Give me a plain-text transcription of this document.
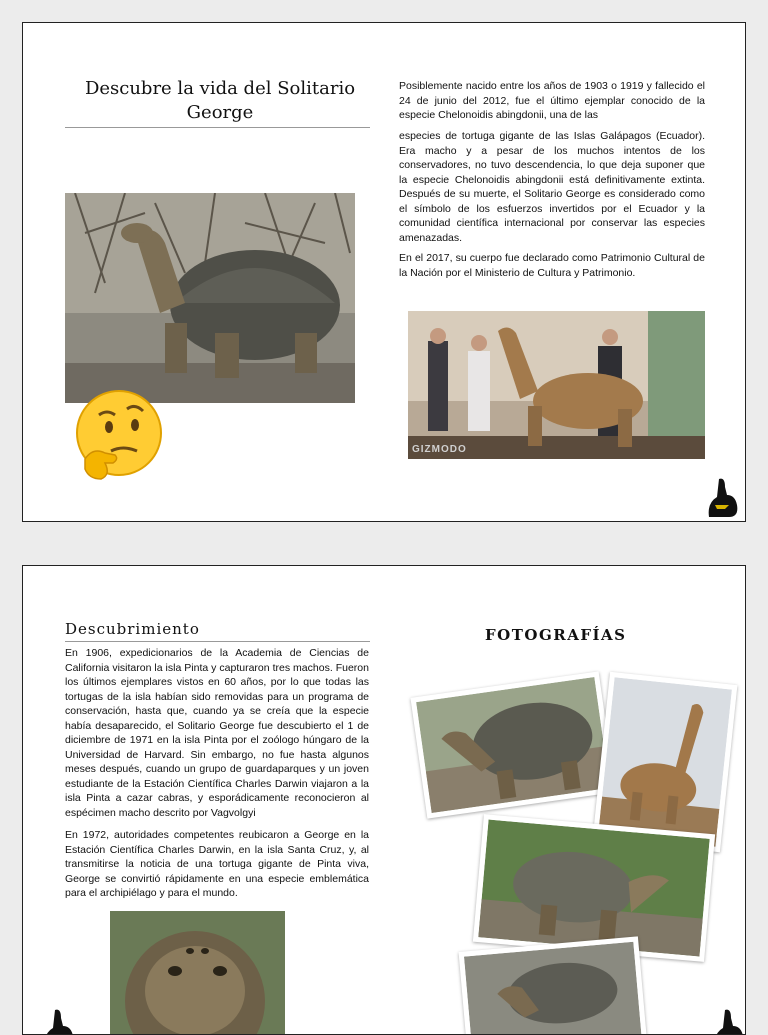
Descubre la vida del Solitario George

Posiblemente nacido entre los años de 1903 o 1919 y fallecido el 24 de junio del 2012, fue el último ejemplar conocido de la especie Chelonoidis abingdonii, una de las

especies de tortuga gigante de las Islas Galápagos (Ecuador). Era macho y a pesar de los muchos intentos de los conservadores, no tuvo descendencia, lo que deja suponer que la especie Chelonoidis abingdonii está definitivamente extinta. Después de su muerte, el Solitario George es considerado como el símbolo de los esfuerzos invertidos por el Ecuador y la comunidad científica internacional por conservar las especies amenazadas.

En el 2017, su cuerpo fue declarado como Patrimonio Cultural de la Nación por el Ministerio de Cultura y Patrimonio.

GIZMODO
Descubrimiento

En 1906, expedicionarios de la Academia de Ciencias de California visitaron la isla Pinta y capturaron tres machos. Fueron los últimos ejemplares vistos en 60 años, por lo que todas las tortugas de la isla habían sido removidas para un programa de conservación, hasta que, cuando ya se creía que la especie había desaparecido, el Solitario George fue descubierto el 1 de diciembre de 1971 en la isla Pinta por el zoólogo húngaro de la Universidad de Harvard. Sin embargo, no fue hasta algunos meses después, cuando un grupo de guardaparques y un joven estudiante de la Estación Científica Charles Darwin viajaron a la isla Pinta a cazar cabras, y esporádicamente reconocieron al espécimen macho descrito por Vagvolgyi

En 1972, autoridades competentes reubicaron a George en la Estación Científica Charles Darwin, en la isla Santa Cruz, y, al transmitirse la noticia de una tortuga gigante de Pinta viva, George se convirtió rápidamente en una especie emblemática para el archipiélago y para el mundo.

FOTOGRAFÍAS
